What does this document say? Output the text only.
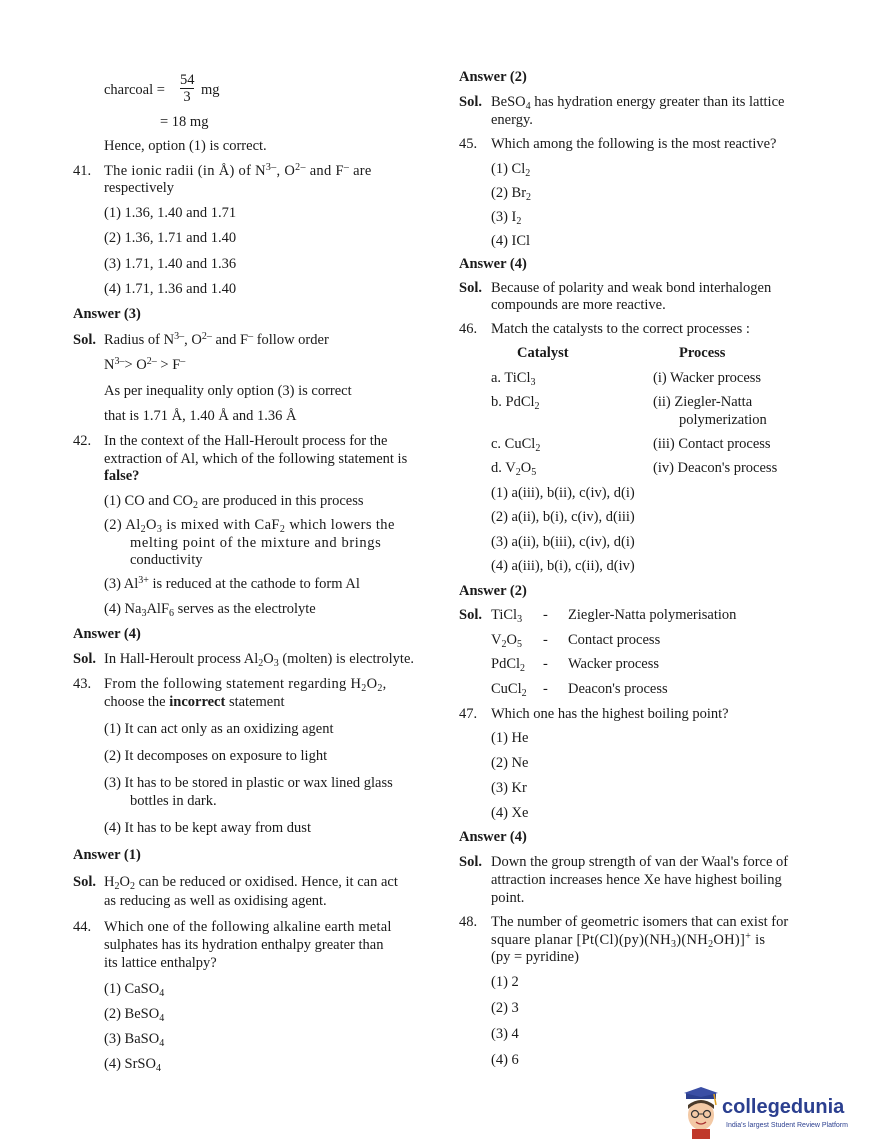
charcoal = $\frac{54}{3}$ mg
= 18 mg
Hence, option (1) is correct.
41. The ionic radii (in Å) of $N^{3-}$, $O^{2-}$ and F– are
respectively
(1) 1.36, 1.40 and 1.71
(2) 1.36, 1.71 and 1.40
(3) 1.71, 1.40 and 1.36
(4) 1.71, 1.36 and 1.40
Answer (3)
Sol. Radius of $N^{3-}$, $O^{2-}$ and F– follow order
$N^{3-}> O^{2-} > F^-$
As per inequality only option (3) is correct
that is 1.71 Å, 1.40 Å and 1.36 Å
42. In the context of the Hall-Heroult process for the
extraction of Al, which of the following statement is
false?
(1) CO and $CO_2$ are produced in this process
(2) $Al_2O_3$ is mixed with CaF$_2$ which lowers the
melting point of the mixture and brings
conductivity
(3) $Al^{3+}$ is reduced at the cathode to form Al
(4) $Na_3AlF_6$ serves as the electrolyte
Answer (4)
Sol. In Hall-Heroult process $Al_2O_3$ (molten) is electrolyte.
43. From the following statement regarding $H_2O_2$,
choose the incorrect statement
(1) It can act only as an oxidizing agent
(2) It decomposes on exposure to light
(3) It has to be stored in plastic or wax lined glass
bottles in dark.
(4) It has to be kept away from dust
Answer (1)
Sol. $H_2O_2$ can be reduced or oxidised. Hence, it can act
as reducing as well as oxidising agent.
44. Which one of the following alkaline earth metal
sulphates has its hydration enthalpy greater than
its lattice enthalpy?
(1) CaSO$_4$
(2) BeSO$_4$
(3) BaSO$_4$
(4) SrSO$_4$
Answer (2)
Sol. BeSO$_4$ has hydration energy greater than its lattice
energy.
45. Which among the following is the most reactive?
(1) $Cl_2$
(2) $Br_2$
(3) $I_2$
(4) ICl
Answer (4)
Sol. Because of polarity and weak bond interhalogen
compounds are more reactive.
46. Match the catalysts to the correct processes :
Catalyst	Process
a. TiCl$_3$
b. PdCl$_2$
c. CuCl$_2$
d. $V_2O_5$
(i) Wacker process
(ii) Ziegler-Natta
polymerization
(iii) Contact process
(iv) Deacon's process
(1) a(iii), b(ii), c(iv), d(i)
(2) a(ii), b(i), c(iv), d(iii)
(3) a(ii), b(iii), c(iv), d(i)
(4) a(iii), b(i), c(ii), d(iv)
Answer (2)
Sol. TiCl$_3$
$V_2O_5$
PdCl$_2$
CuCl$_2$
-
-
-
-
Ziegler-Natta polymerisation
Contact process
Wacker process
Deacon's process
47. Which one has the highest boiling point?
(1) He
(2) Ne
(3) Kr
(4) Xe
Answer (4)
Sol. Down the group strength of van der Waal's force of
attraction increases hence Xe have highest boiling
point.
48. The number of geometric isomers that can exist for
square planar $[Pt(Cl)(py)(NH_3)(NH_2OH)]^+$ is
(py = pyridine)
(1) 2
(2) 3
(3) 4
(4) 6
collegedunia
India's largest Student Review Platform
